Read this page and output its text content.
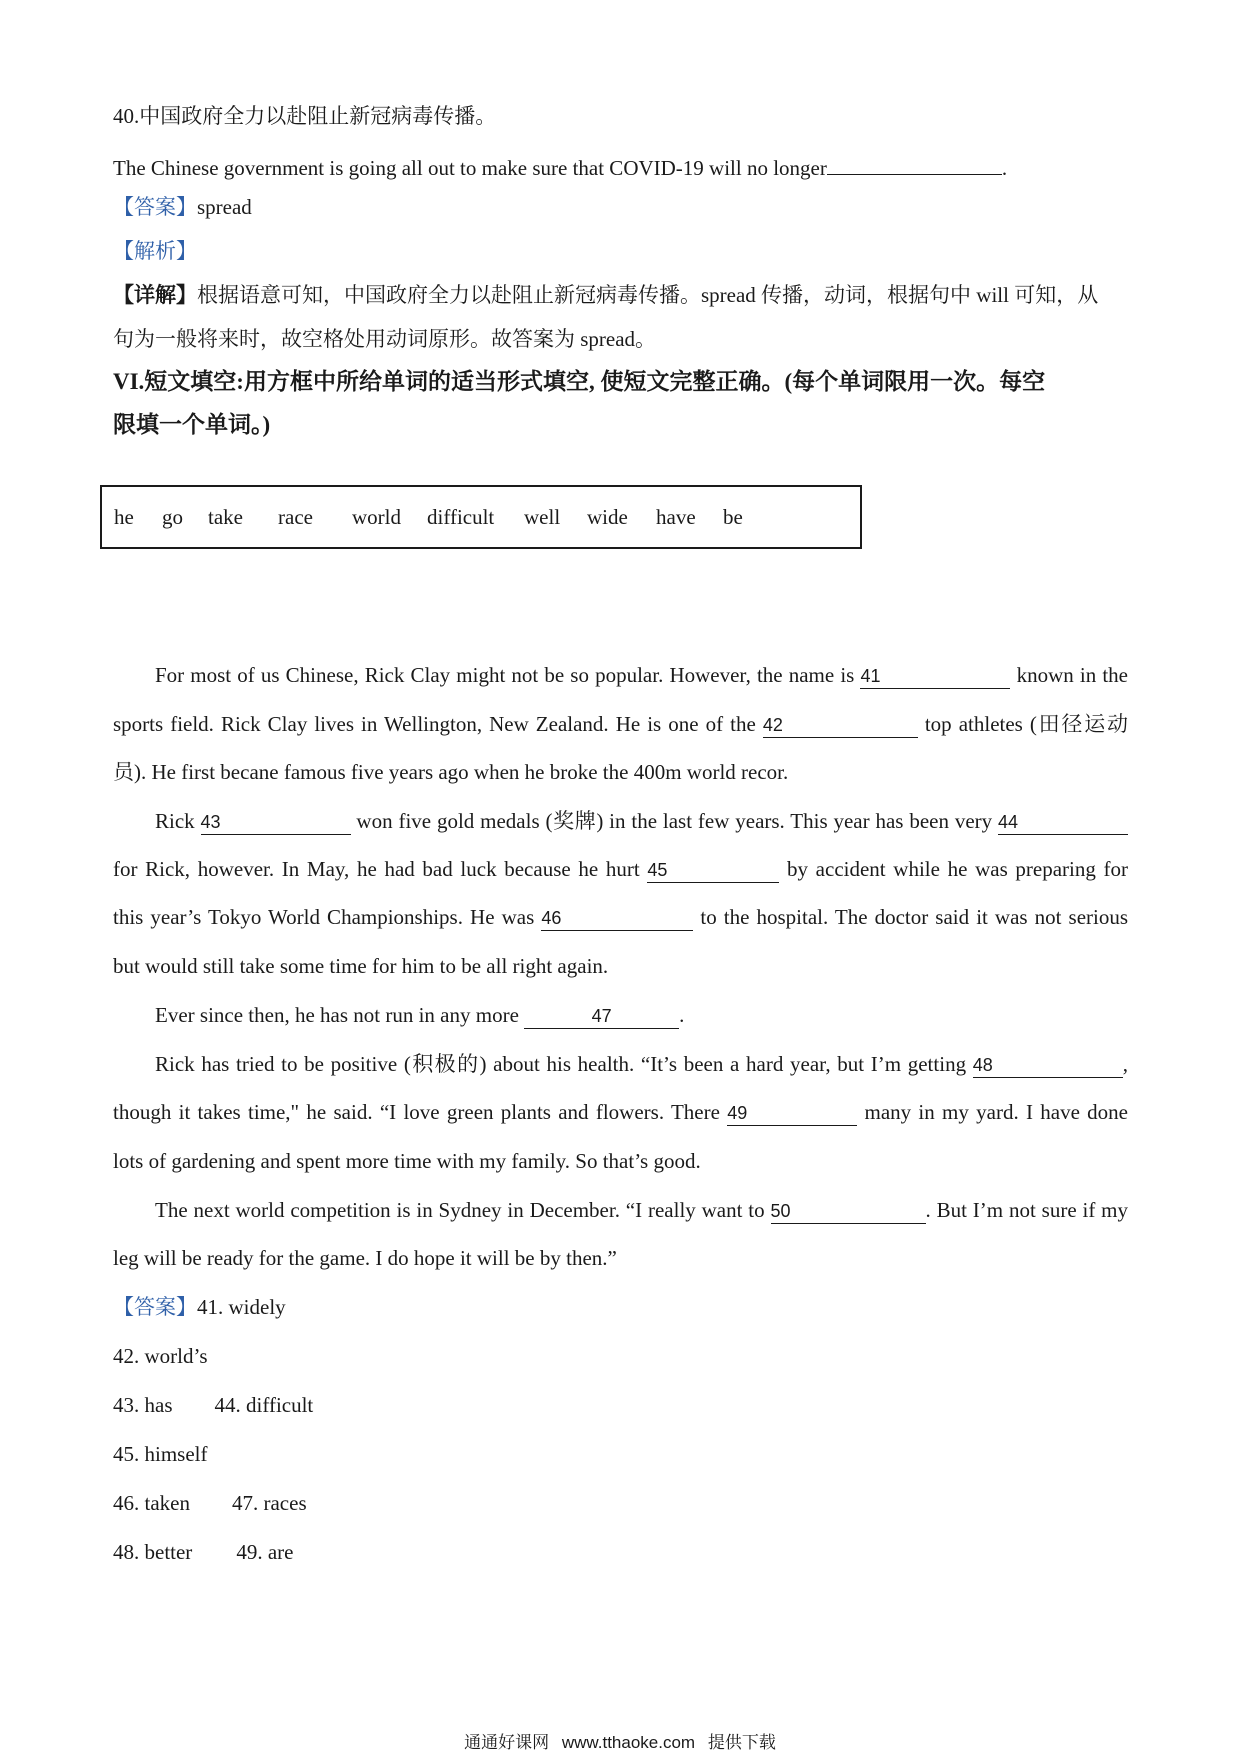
40.中国政府全力以赴阻止新冠病毒传播。
The Chinese government is going all out to make sure that COVID-19 will no longer	.
【答案】spread
【解析】
【详解】根据语意可知，中国政府全力以赴阻止新冠病毒传播。spread 传播，动词，根据句中 will 可知，从
句为一般将来时，故空格处用动词原形。故答案为 spread。
VI.短文填空:用方框中所给单词的适当形式填空, 使短文完整正确。(每个单词限用一次。每空
限填一个单词。)
he go take race world difficult well wide have be
For most of us Chinese, Rick Clay might not be so popular. However, the name is 41	known in the
sports field. Rick Clay lives in Wellington, New Zealand. He is one of the 42	top athletes (田径运动
员). He first becane famous five years ago when he broke the 400m world recor.
Rick 43	won five gold medals (奖牌) in the last few years. This year has been very 44
for Rick, however. In May, he had bad luck because he hurt 45	by accident while he was preparing for
this year’s Tokyo World Championships. He was 46	to the hospital. The doctor said it was not serious
but would still take some time for him to be all right again.
Ever since then, he has not run in any more	47	.
Rick has tried to be positive (积极的) about his health. “It’s been a hard year, but I’m getting 48	,
though it takes time," he said. “I love green plants and flowers. There 49	many in my yard. I have done
lots of gardening and spent more time with my family. So that’s good.
The next world competition is in Sydney in December. “I really want to 50	. But I’m not sure if my
leg will be ready for the game. I do hope it will be by then.”
【答案】41. widely
42. world’s
43. has 44. difficult
45. himself
46. taken 47. races
48. better 49. are
通通好课网 www.tthaoke.com 提供下载
